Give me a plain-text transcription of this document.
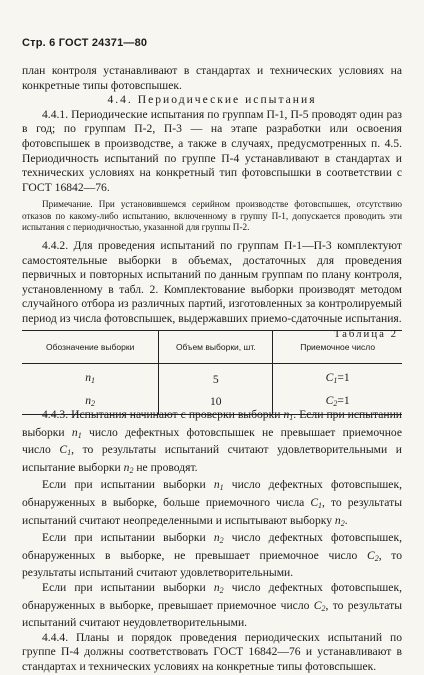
Стр. 6 ГОСТ 24371—80

план контроля устанавливают в стандартах и технических условиях на конкретные типы фотовспышек.

4.4. Периодические испытания

4.4.1. Периодические испытания по группам П-1, П-5 проводят один раз в год; по группам П-2, П-3 — на этапе разработки или освоения фотовспышек в производстве, а также в случаях, предусмотренных п. 4.5. Периодичность испытаний по группе П-4 устанавливают в стандартах и технических условиях на конкретный тип фотовспышки в соответствии с ГОСТ 16842—76.

Примечание. При установившемся серийном производстве фотовспышек, отсутствию отказов по какому-либо испытанию, включенному в группу П-1, допускается проводить эти испытания с периодичностью, указанной для группы П-2.

4.4.2. Для проведения испытаний по группам П-1—П-3 комплектуют самостоятельные выборки в объемах, достаточных для проведения первичных и повторных испытаний по данным группам по плану контроля, установленному в табл. 2. Комплектование выборки производят методом случайного отбора из различных партий, изготовленных за контролируемый период из числа фотовспышек, выдержавших приемо-сдаточные испытания.

Таблица 2

Обозначение выборки	Объем выборки, шт.	Приемочное число
$n_1$	5	$C_1=1$
$n_2$	10	$C_2=1$

4.4.3. Испытания начинают с проверки выборки $n_1$. Если при испытании выборки $n_1$ число дефектных фотовспышек не превышает приемочное число $C_1$, то результаты испытаний считают удовлетворительными и испытание выборки $n_2$ не проводят.

Если при испытании выборки $n_1$ число дефектных фотовспышек, обнаруженных в выборке, больше приемочного числа $C_1$, то результаты испытаний считают неопределенными и испытывают выборку $n_2$.

Если при испытании выборки $n_2$ число дефектных фотовспышек, обнаруженных в выборке, не превышает приемочное число $C_2$, то результаты испытаний считают удовлетворительными.

Если при испытании выборки $n_2$ число дефектных фотовспышек, обнаруженных в выборке, превышает приемочное число $C_2$, то результаты испытаний считают неудовлетворительными.

4.4.4. Планы и порядок проведения периодических испытаний по группе П-4 должны соответствовать ГОСТ 16842—76 и устанавливают в стандартах и технических условиях на конкретные типы фотовспышек.
